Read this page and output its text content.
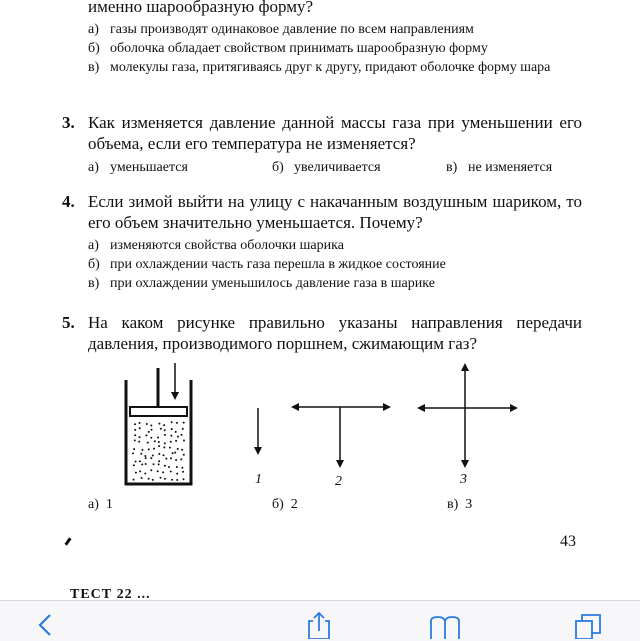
именно шарообразную форму?
а) газы производят одинаковое давление по всем направлениям
б) оболочка обладает свойством принимать шарообразную форму
в) молекулы газа, притягиваясь друг к другу, придают оболочке форму шара
3. Как изменяется давление данной массы газа при уменьшении его объема, если его температура не изменяется?
а) уменьшается	б) увеличивается	в) не изменяется
4. Если зимой выйти на улицу с накачанным воздушным шариком, то его объем значительно уменьшается. Почему?
а) изменяются свойства оболочки шарика
б) при охлаждении часть газа перешла в жидкое состояние
в) при охлаждении уменьшилось давление газа в шарике
5. На каком рисунке правильно указаны направления передачи давления, производимого поршнем, сжимающим газ?
1	2	3
а) 1	б) 2	в) 3
43
ТЕСТ 22 ...
